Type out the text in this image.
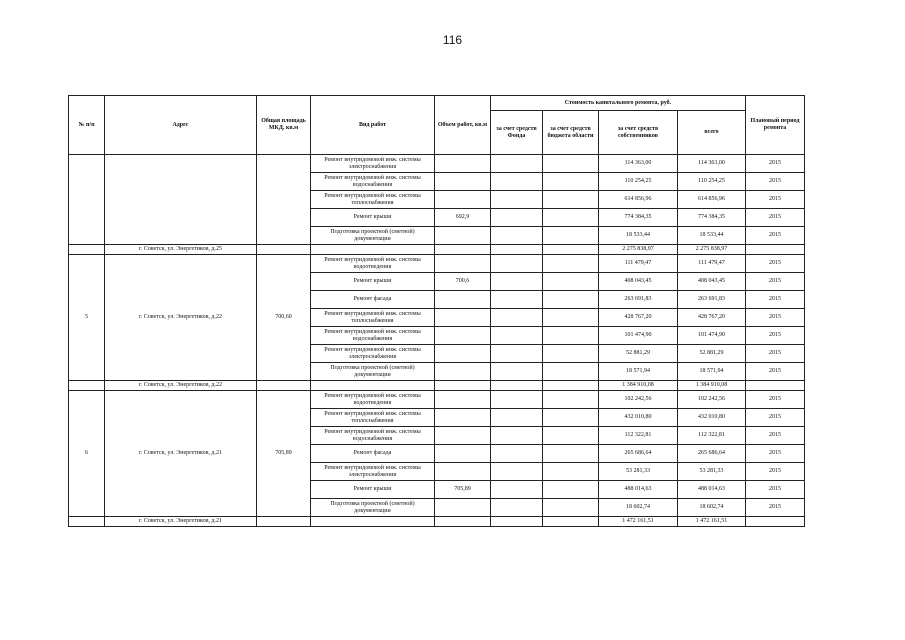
116
№ п/п	Адрес	Общая площадь МКД, кв.м	Вид работ	Объем работ, кв.м	Стоимость капитального ремонта, руб.				Плановый период ремонта
					за счет средств Фонда	за счет средств бюджета области	за счет средств собственников	всего	
			Ремонт внутридомовой инж. системы электроснабжения				114 363,00	114 363,00	2015
			Ремонт внутридомовой инж. системы водоснабжения				110 254,25	110 254,25	2015
			Ремонт внутридомовой инж. системы теплоснабжения				614 856,96	614 856,96	2015
			Ремонт крыши	692,9			774 384,35	774 384,35	2015
			Подготовка проектной (сметной) документации				18 533,44	18 533,44	2015
	г. Советск, ул. Энергетиков, д.25						2 275 838,97	2 275 838,97	
5	г. Советск, ул. Энергетиков, д.22	700,60	Ремонт внутридомовой инж. системы водоотведения				111 479,47	111 479,47	2015
			Ремонт крыши	700,6			408 043,45	408 043,45	2015
			Ремонт фасада				263 691,83	263 691,83	2015
			Ремонт внутридомовой инж. системы теплоснабжения				428 767,20	428 767,20	2015
			Ремонт внутридомовой инж. системы водоснабжения				101 474,90	101 474,90	2015
			Ремонт внутридомовой инж. системы электроснабжения				52 881,29	52 881,29	2015
			Подготовка проектной (сметной) документации				18 571,94	18 571,94	2015
	г. Советск, ул. Энергетиков, д.22						1 384 910,08	1 384 910,08	
6	г. Советск, ул. Энергетиков, д.21	705,89	Ремонт внутридомовой инж. системы водоотведения				102 242,56	102 242,56	2015
			Ремонт внутридомовой инж. системы теплоснабжения				432 010,80	432 010,80	2015
			Ремонт внутридомовой инж. системы водоснабжения				112 322,81	112 322,81	2015
			Ремонт фасада				265 686,64	265 686,64	2015
			Ремонт внутридомовой инж. системы электроснабжения				53 281,33	53 281,33	2015
			Ремонт крыши	705,89			488 014,63	488 014,63	2015
			Подготовка проектной (сметной) документации				18 602,74	18 602,74	2015
	г. Советск, ул. Энергетиков, д.21						1 472 161,51	1 472 161,51	
